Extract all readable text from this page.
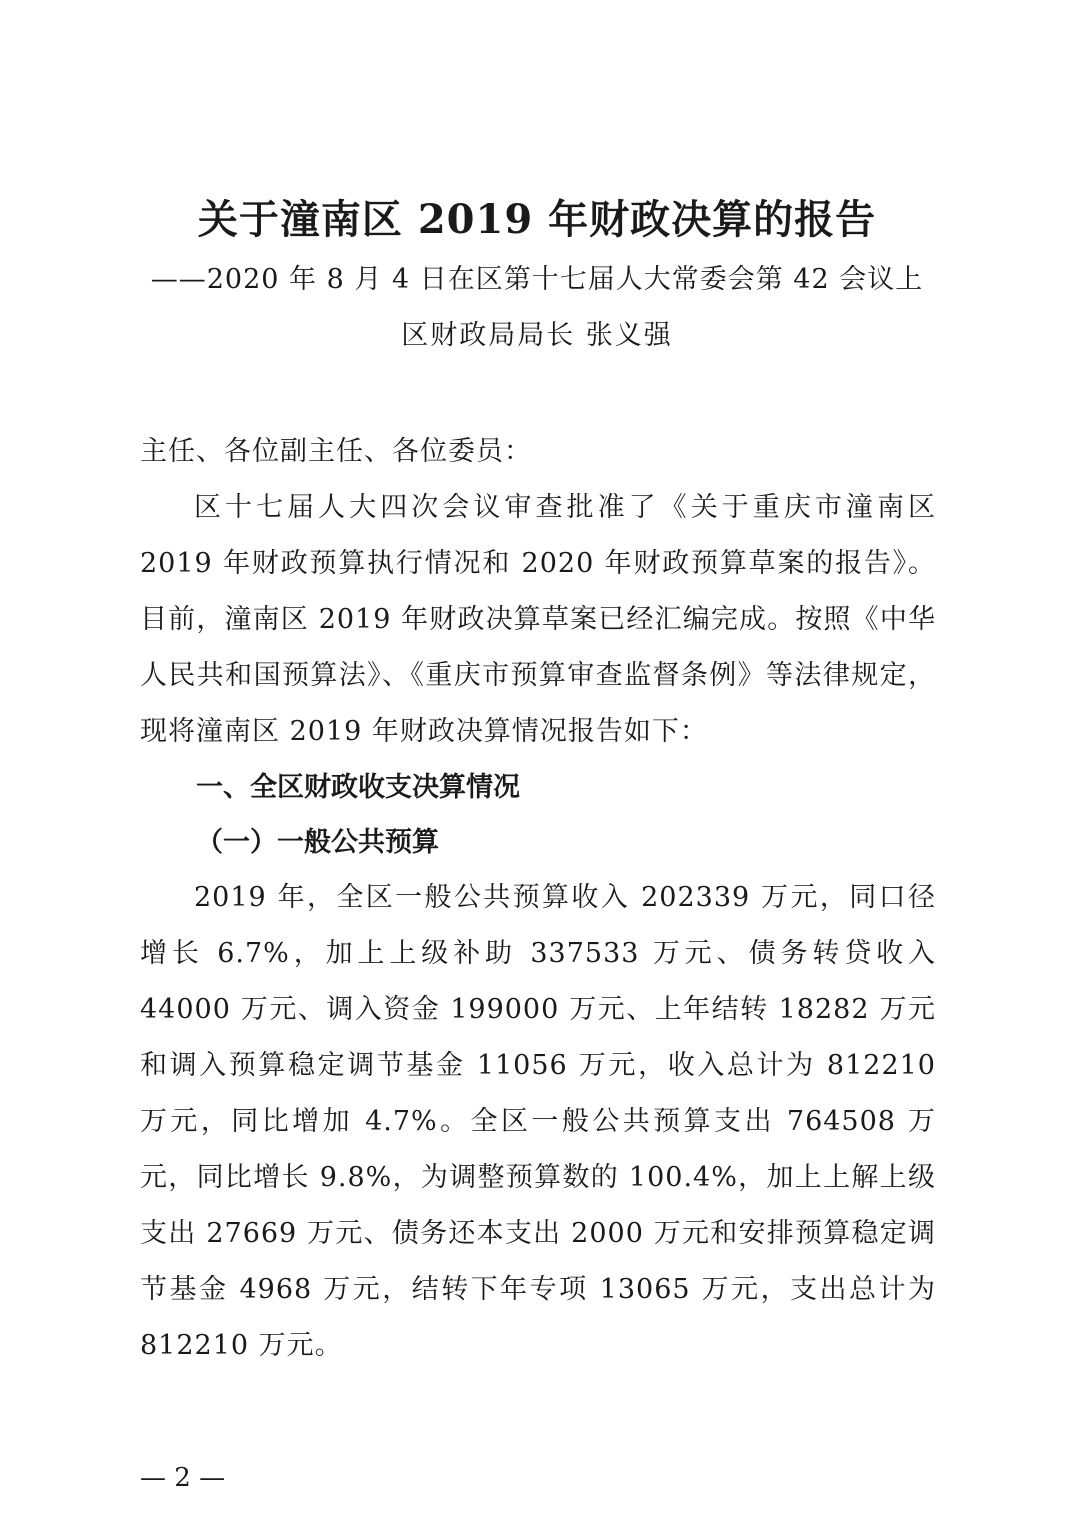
关于潼南区 2019 年财政决算的报告
——2020 年 8 月 4 日在区第十七届人大常委会第 42 会议上
区财政局局长 张义强
主任、各位副主任、各位委员：
区十七届人大四次会议审查批准了《关于重庆市潼南区 2019 年财政预算执行情况和 2020 年财政预算草案的报告》。目前，潼南区 2019 年财政决算草案已经汇编完成。按照《中华人民共和国预算法》、《重庆市预算审查监督条例》等法律规定，现将潼南区 2019 年财政决算情况报告如下：
一、全区财政收支决算情况
（一）一般公共预算
2019 年，全区一般公共预算收入 202339 万元，同口径增长 6.7%，加上上级补助 337533 万元、债务转贷收入 44000 万元、调入资金 199000 万元、上年结转 18282 万元和调入预算稳定调节基金 11056 万元，收入总计为 812210 万元，同比增加 4.7%。全区一般公共预算支出 764508 万元，同比增长 9.8%，为调整预算数的 100.4%，加上上解上级支出 27669 万元、债务还本支出 2000 万元和安排预算稳定调节基金 4968 万元，结转下年专项 13065 万元，支出总计为 812210 万元。
— 2 —
